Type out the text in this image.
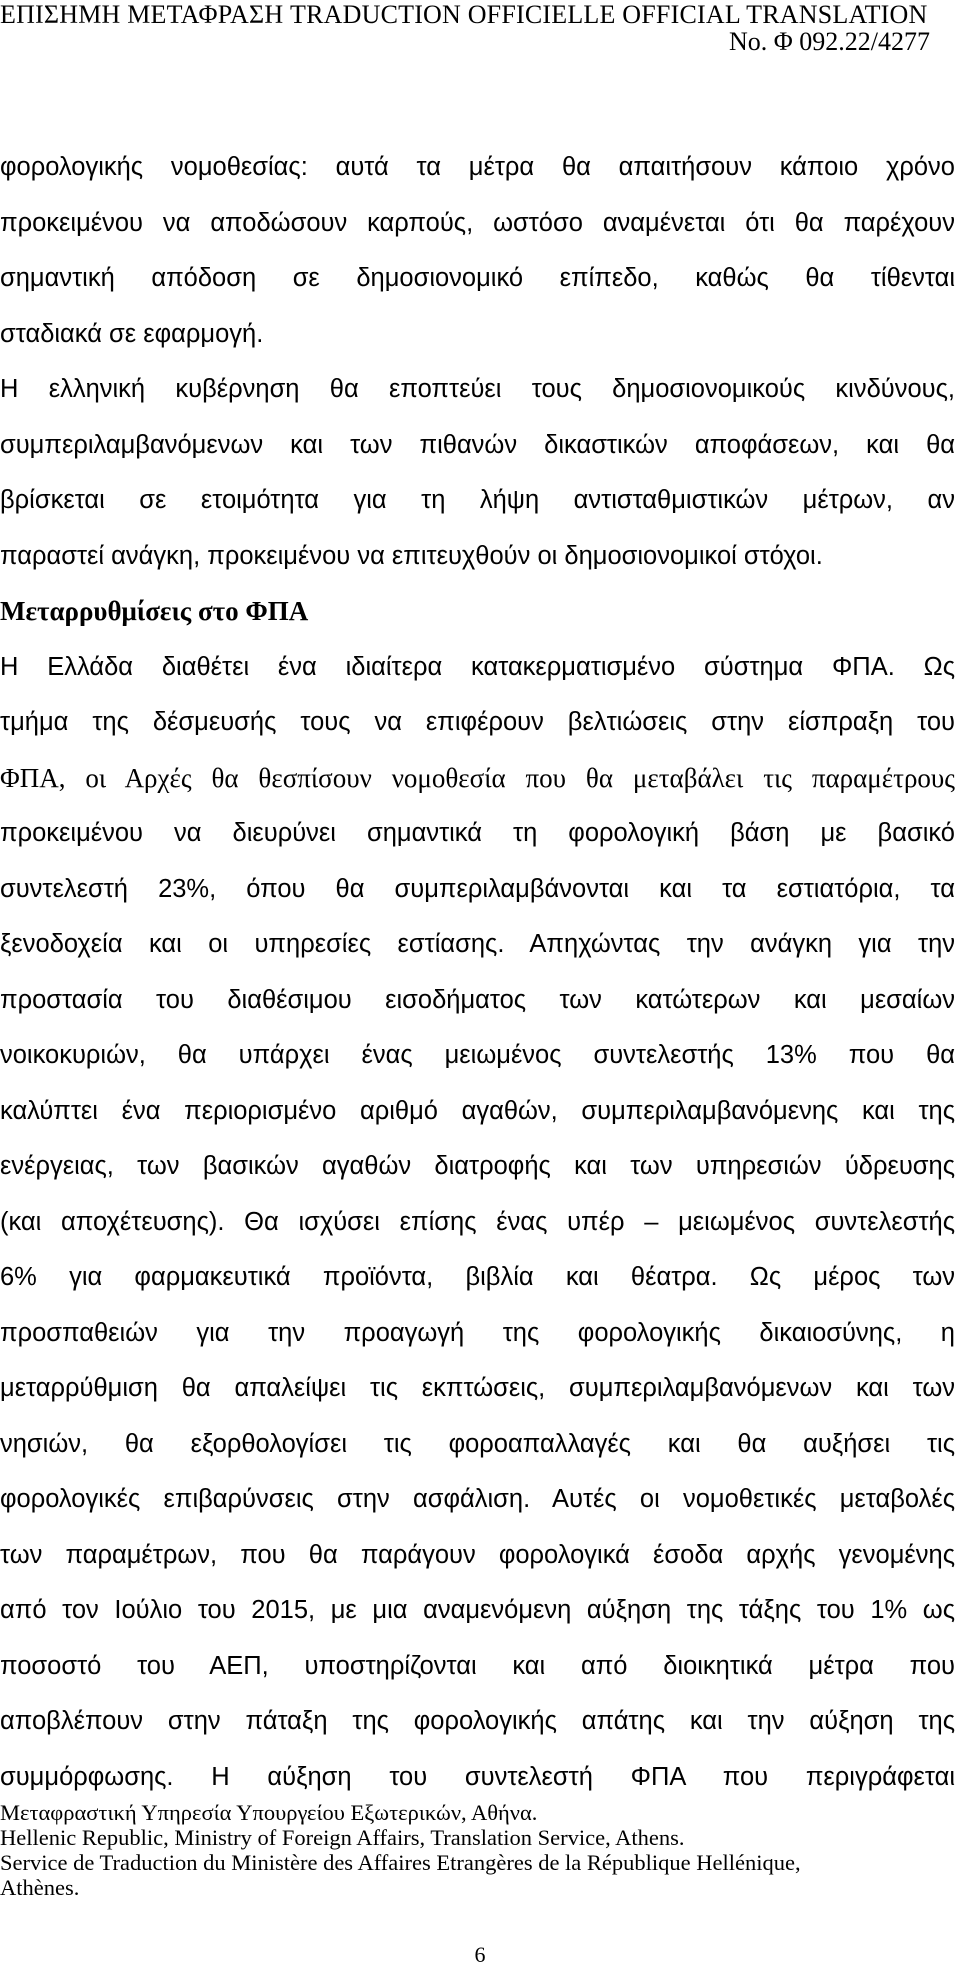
ΕΠΙΣΗΜΗ ΜΕΤΑΦΡΑΣΗ TRADUCTION OFFICIELLE OFFICIAL TRANSLATION
No. Φ 092.22/4277
φορολογικής νομοθεσίας: αυτά τα μέτρα θα απαιτήσουν κάποιο χρόνο
προκειμένου να αποδώσουν καρπούς, ωστόσο αναμένεται ότι θα παρέχουν
σημαντική απόδοση σε δημοσιονομικό επίπεδο, καθώς θα τίθενται
σταδιακά σε εφαρμογή.
Η ελληνική κυβέρνηση θα εποπτεύει τους δημοσιονομικούς κινδύνους,
συμπεριλαμβανόμενων και των πιθανών δικαστικών αποφάσεων, και θα
βρίσκεται σε ετοιμότητα για τη λήψη αντισταθμιστικών μέτρων, αν
παραστεί ανάγκη, προκειμένου να επιτευχθούν οι δημοσιονομικοί στόχοι.
Μεταρρυθμίσεις στο ΦΠΑ
Η Ελλάδα διαθέτει ένα ιδιαίτερα κατακερματισμένο σύστημα ΦΠΑ. Ως
τμήμα της δέσμευσής τους να επιφέρουν βελτιώσεις στην είσπραξη του
ΦΠΑ, οι Αρχές θα θεσπίσουν νομοθεσία που θα μεταβάλει τις παραμέτρους
προκειμένου να διευρύνει σημαντικά τη φορολογική βάση με βασικό
συντελεστή 23%, όπου θα συμπεριλαμβάνονται και τα εστιατόρια, τα
ξενοδοχεία και οι υπηρεσίες εστίασης. Απηχώντας την ανάγκη για την
προστασία του διαθέσιμου εισοδήματος των κατώτερων και μεσαίων
νοικοκυριών, θα υπάρχει ένας μειωμένος συντελεστής 13% που θα
καλύπτει ένα περιορισμένο αριθμό αγαθών, συμπεριλαμβανόμενης και της
ενέργειας, των βασικών αγαθών διατροφής και των υπηρεσιών ύδρευσης
(και αποχέτευσης). Θα ισχύσει επίσης ένας υπέρ – μειωμένος συντελεστής
6% για φαρμακευτικά προϊόντα, βιβλία και θέατρα. Ως μέρος των
προσπαθειών για την προαγωγή της φορολογικής δικαιοσύνης, η
μεταρρύθμιση θα απαλείψει τις εκπτώσεις, συμπεριλαμβανόμενων και των
νησιών, θα εξορθολογίσει τις φοροαπαλλαγές και θα αυξήσει τις
φορολογικές επιβαρύνσεις στην ασφάλιση. Αυτές οι νομοθετικές μεταβολές
των παραμέτρων, που θα παράγουν φορολογικά έσοδα αρχής γενομένης
από τον Ιούλιο του 2015, με μια αναμενόμενη αύξηση της τάξης του 1% ως
ποσοστό του ΑΕΠ, υποστηρίζονται και από διοικητικά μέτρα που
αποβλέπουν στην πάταξη της φορολογικής απάτης και την αύξηση της
συμμόρφωσης. Η αύξηση του συντελεστή ΦΠΑ που περιγράφεται
Μεταφραστική Υπηρεσία Υπουργείου Εξωτερικών, Αθήνα.
Hellenic Republic, Ministry of Foreign Affairs, Translation Service, Athens.
Service de Traduction du Ministère des Affaires Etrangères de la République Hellénique,
Athènes.
6
